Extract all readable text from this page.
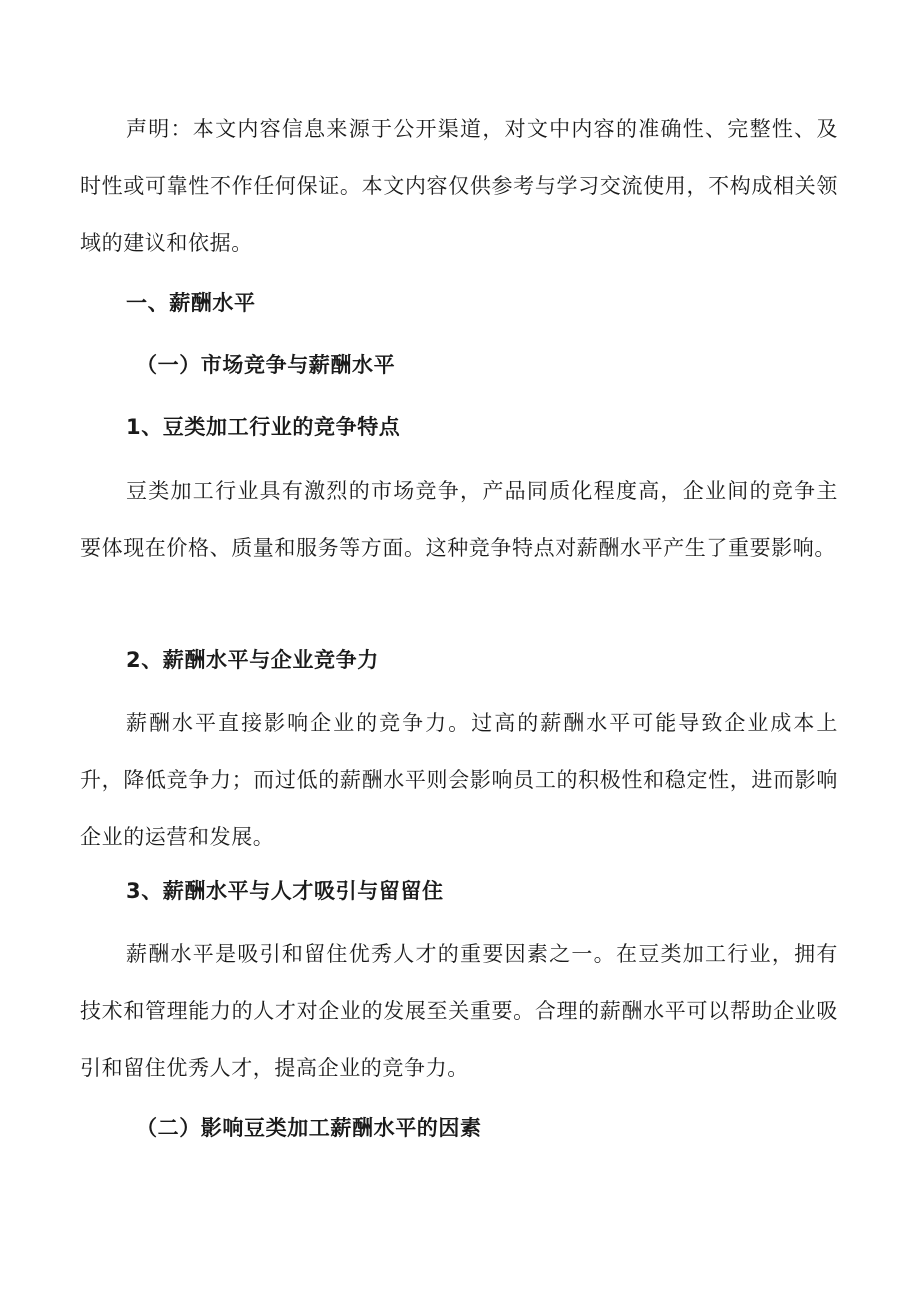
声明：本文内容信息来源于公开渠道，对文中内容的准确性、完整性、及时性或可靠性不作任何保证。本文内容仅供参考与学习交流使用，不构成相关领域的建议和依据。

一、薪酬水平
（一）市场竞争与薪酬水平
1、豆类加工行业的竞争特点

豆类加工行业具有激烈的市场竞争，产品同质化程度高，企业间的竞争主要体现在价格、质量和服务等方面。这种竞争特点对薪酬水平产生了重要影响。

2、薪酬水平与企业竞争力

薪酬水平直接影响企业的竞争力。过高的薪酬水平可能导致企业成本上升，降低竞争力；而过低的薪酬水平则会影响员工的积极性和稳定性，进而影响企业的运营和发展。

3、薪酬水平与人才吸引与留留住

薪酬水平是吸引和留住优秀人才的重要因素之一。在豆类加工行业，拥有技术和管理能力的人才对企业的发展至关重要。合理的薪酬水平可以帮助企业吸引和留住优秀人才，提高企业的竞争力。

（二）影响豆类加工薪酬水平的因素
